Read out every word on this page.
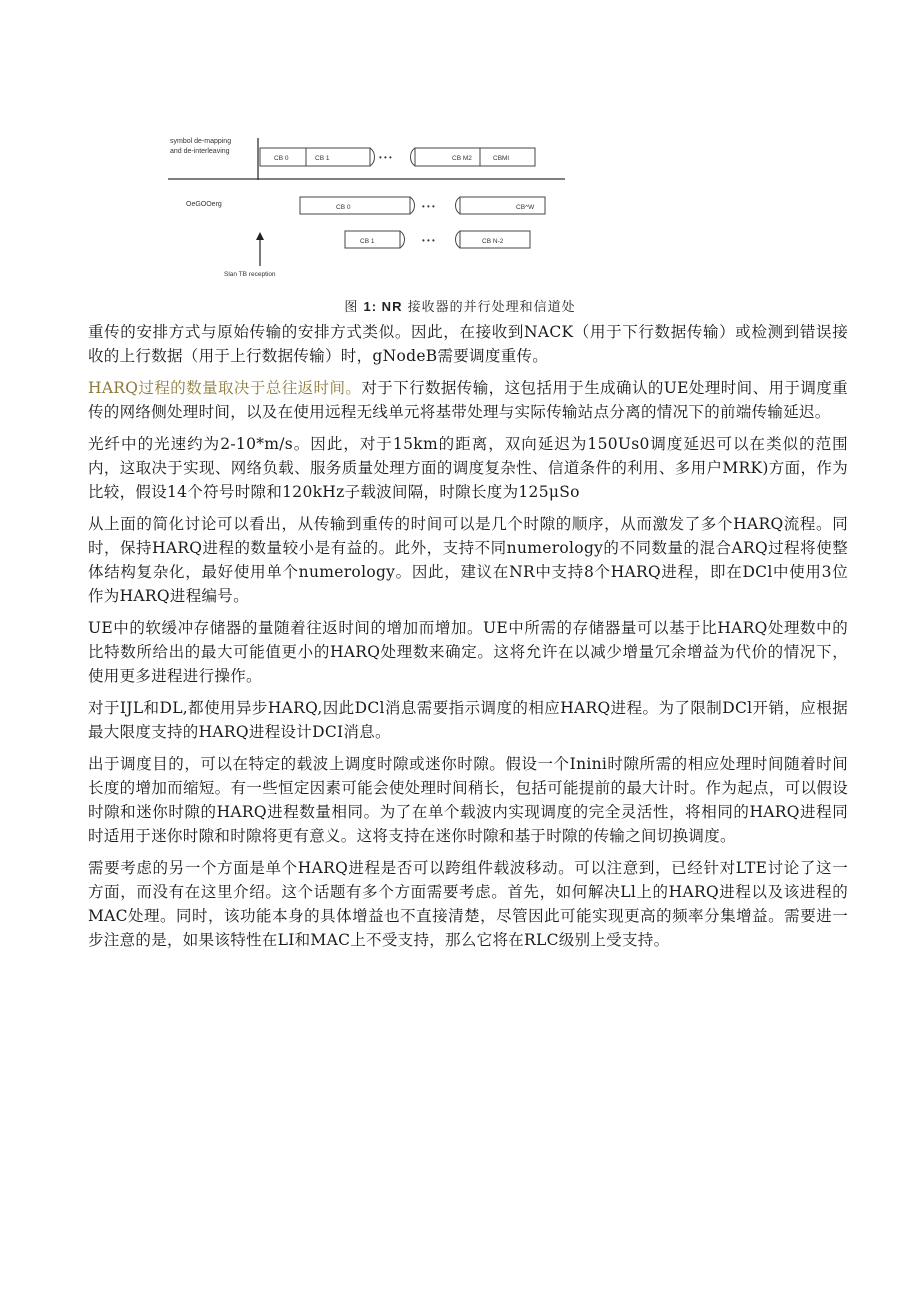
symbol de-mapping
and de-interleaving
OeGOOerg
CB 0	CB 1	• • •	CB M2	CBMl
CB 0	• • •	CB^W
CB 1	• • •	CB N-2
Slan TB reception
图 1: NR 接收器的并行处理和信道处

重传的安排方式与原始传输的安排方式类似。因此，在接收到NACK（用于下行数据传输）或检测到错误接收的上行数据（用于上行数据传输）时，gNodeB需要调度重传。

HARQ过程的数量取决于总往返时间。对于下行数据传输，这包括用于生成确认的UE处理时间、用于调度重传的网络侧处理时间，以及在使用远程无线单元将基带处理与实际传输站点分离的情况下的前端传输延迟。

光纤中的光速约为2-10*m/s。因此，对于15km的距离，双向延迟为150Us0调度延迟可以在类似的范围内，这取决于实现、网络负载、服务质量处理方面的调度复杂性、信道条件的利用、多用户MRK)方面，作为比较，假设14个符号时隙和120kHz子载波间隔，时隙长度为125μSo

从上面的简化讨论可以看出，从传输到重传的时间可以是几个时隙的顺序，从而激发了多个HARQ流程。同时，保持HARQ进程的数量较小是有益的。此外，支持不同numerology的不同数量的混合ARQ过程将使整体结构复杂化，最好使用单个numerology。因此，建议在NR中支持8个HARQ进程，即在DCl中使用3位作为HARQ进程编号。

UE中的软缓冲存储器的量随着往返时间的增加而增加。UE中所需的存储器量可以基于比HARQ处理数中的比特数所给出的最大可能值更小的HARQ处理数来确定。这将允许在以减少增量冗余增益为代价的情况下，使用更多进程进行操作。

对于IJL和DL,都使用异步HARQ,因此DCl消息需要指示调度的相应HARQ进程。为了限制DCl开销，应根据最大限度支持的HARQ进程设计DCI消息。

出于调度目的，可以在特定的载波上调度时隙或迷你时隙。假设一个Inini时隙所需的相应处理时间随着时间长度的增加而缩短。有一些恒定因素可能会使处理时间稍长，包括可能提前的最大计时。作为起点，可以假设时隙和迷你时隙的HARQ进程数量相同。为了在单个载波内实现调度的完全灵活性，将相同的HARQ进程同时适用于迷你时隙和时隙将更有意义。这将支持在迷你时隙和基于时隙的传输之间切换调度。

需要考虑的另一个方面是单个HARQ进程是否可以跨组件载波移动。可以注意到，已经针对LTE讨论了这一方面，而没有在这里介绍。这个话题有多个方面需要考虑。首先，如何解决Ll上的HARQ进程以及该进程的MAC处理。同时，该功能本身的具体增益也不直接清楚，尽管因此可能实现更高的频率分集增益。需要进一步注意的是，如果该特性在LI和MAC上不受支持，那么它将在RLC级别上受支持。
